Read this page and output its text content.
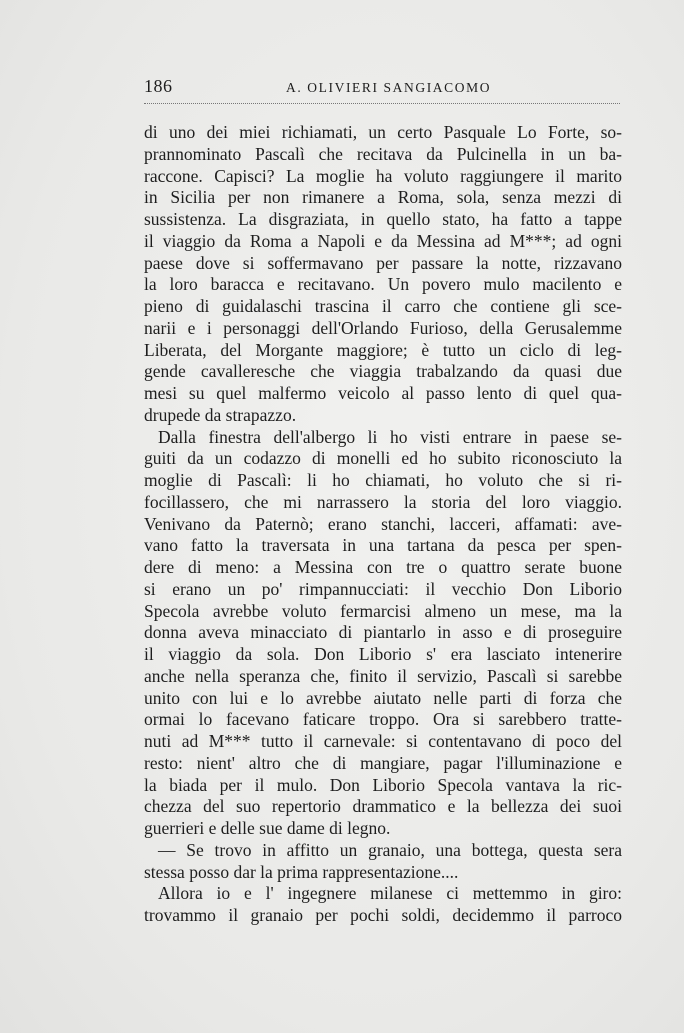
186	A. OLIVIERI SANGIACOMO
di uno dei miei richiamati, un certo Pasquale Lo Forte, so-
prannominato Pascalì che recitava da Pulcinella in un ba-
raccone. Capisci? La moglie ha voluto raggiungere il marito
in Sicilia per non rimanere a Roma, sola, senza mezzi di
sussistenza. La disgraziata, in quello stato, ha fatto a tappe
il viaggio da Roma a Napoli e da Messina ad M***; ad ogni
paese dove si soffermavano per passare la notte, rizzavano
la loro baracca e recitavano. Un povero mulo macilento e
pieno di guidalaschi trascina il carro che contiene gli sce-
narii e i personaggi dell'Orlando Furioso, della Gerusalemme
Liberata, del Morgante maggiore; è tutto un ciclo di leg-
gende cavalleresche che viaggia trabalzando da quasi due
mesi su quel malfermo veicolo al passo lento di quel qua-
drupede da strapazzo.
Dalla finestra dell'albergo li ho visti entrare in paese se-
guiti da un codazzo di monelli ed ho subito riconosciuto la
moglie di Pascalì: li ho chiamati, ho voluto che si ri-
focillassero, che mi narrassero la storia del loro viaggio.
Venivano da Paternò; erano stanchi, lacceri, affamati: ave-
vano fatto la traversata in una tartana da pesca per spen-
dere di meno: a Messina con tre o quattro serate buone
si erano un po' rimpannucciati: il vecchio Don Liborio
Specola avrebbe voluto fermarcisi almeno un mese, ma la
donna aveva minacciato di piantarlo in asso e di proseguire
il viaggio da sola. Don Liborio s' era lasciato intenerire
anche nella speranza che, finito il servizio, Pascalì si sarebbe
unito con lui e lo avrebbe aiutato nelle parti di forza che
ormai lo facevano faticare troppo. Ora si sarebbero tratte-
nuti ad M*** tutto il carnevale: si contentavano di poco del
resto: nient' altro che di mangiare, pagar l'illuminazione e
la biada per il mulo. Don Liborio Specola vantava la ric-
chezza del suo repertorio drammatico e la bellezza dei suoi
guerrieri e delle sue dame di legno.
— Se trovo in affitto un granaio, una bottega, questa sera
stessa posso dar la prima rappresentazione....
Allora io e l' ingegnere milanese ci mettemmo in giro:
trovammo il granaio per pochi soldi, decidemmo il parroco
